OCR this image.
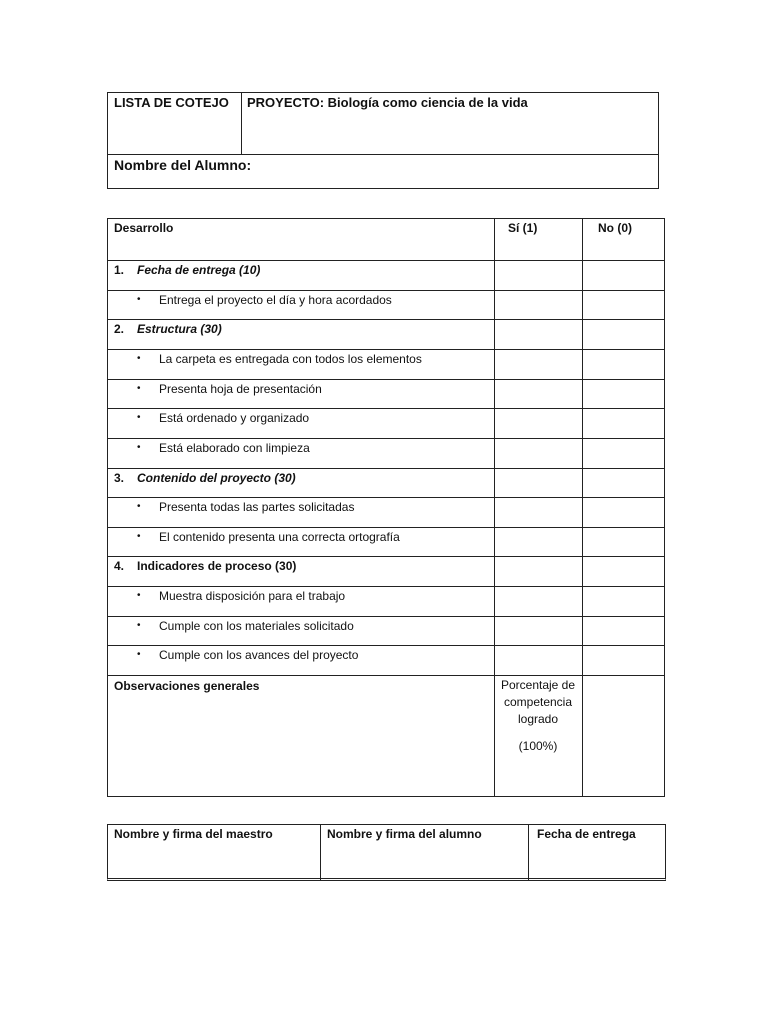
LISTA DE COTEJO PROYECTO: Biología como ciencia de la vida
Nombre del Alumno:
Desarrollo	Sí (1)	No (0)
1. Fecha de entrega (10)
• Entrega el proyecto el día y hora acordados
2. Estructura (30)
• La carpeta es entregada con todos los elementos
• Presenta hoja de presentación
• Está ordenado y organizado
• Está elaborado con limpieza
3. Contenido del proyecto (30)
• Presenta todas las partes solicitadas
• El contenido presenta una correcta ortografía
4. Indicadores de proceso (30)
• Muestra disposición para el trabajo
• Cumple con los materiales solicitado
• Cumple con los avances del proyecto
Observaciones generales	Porcentaje de
competencia
logrado
(100%)
Nombre y firma del maestro	Nombre y firma del alumno	Fecha de entrega
